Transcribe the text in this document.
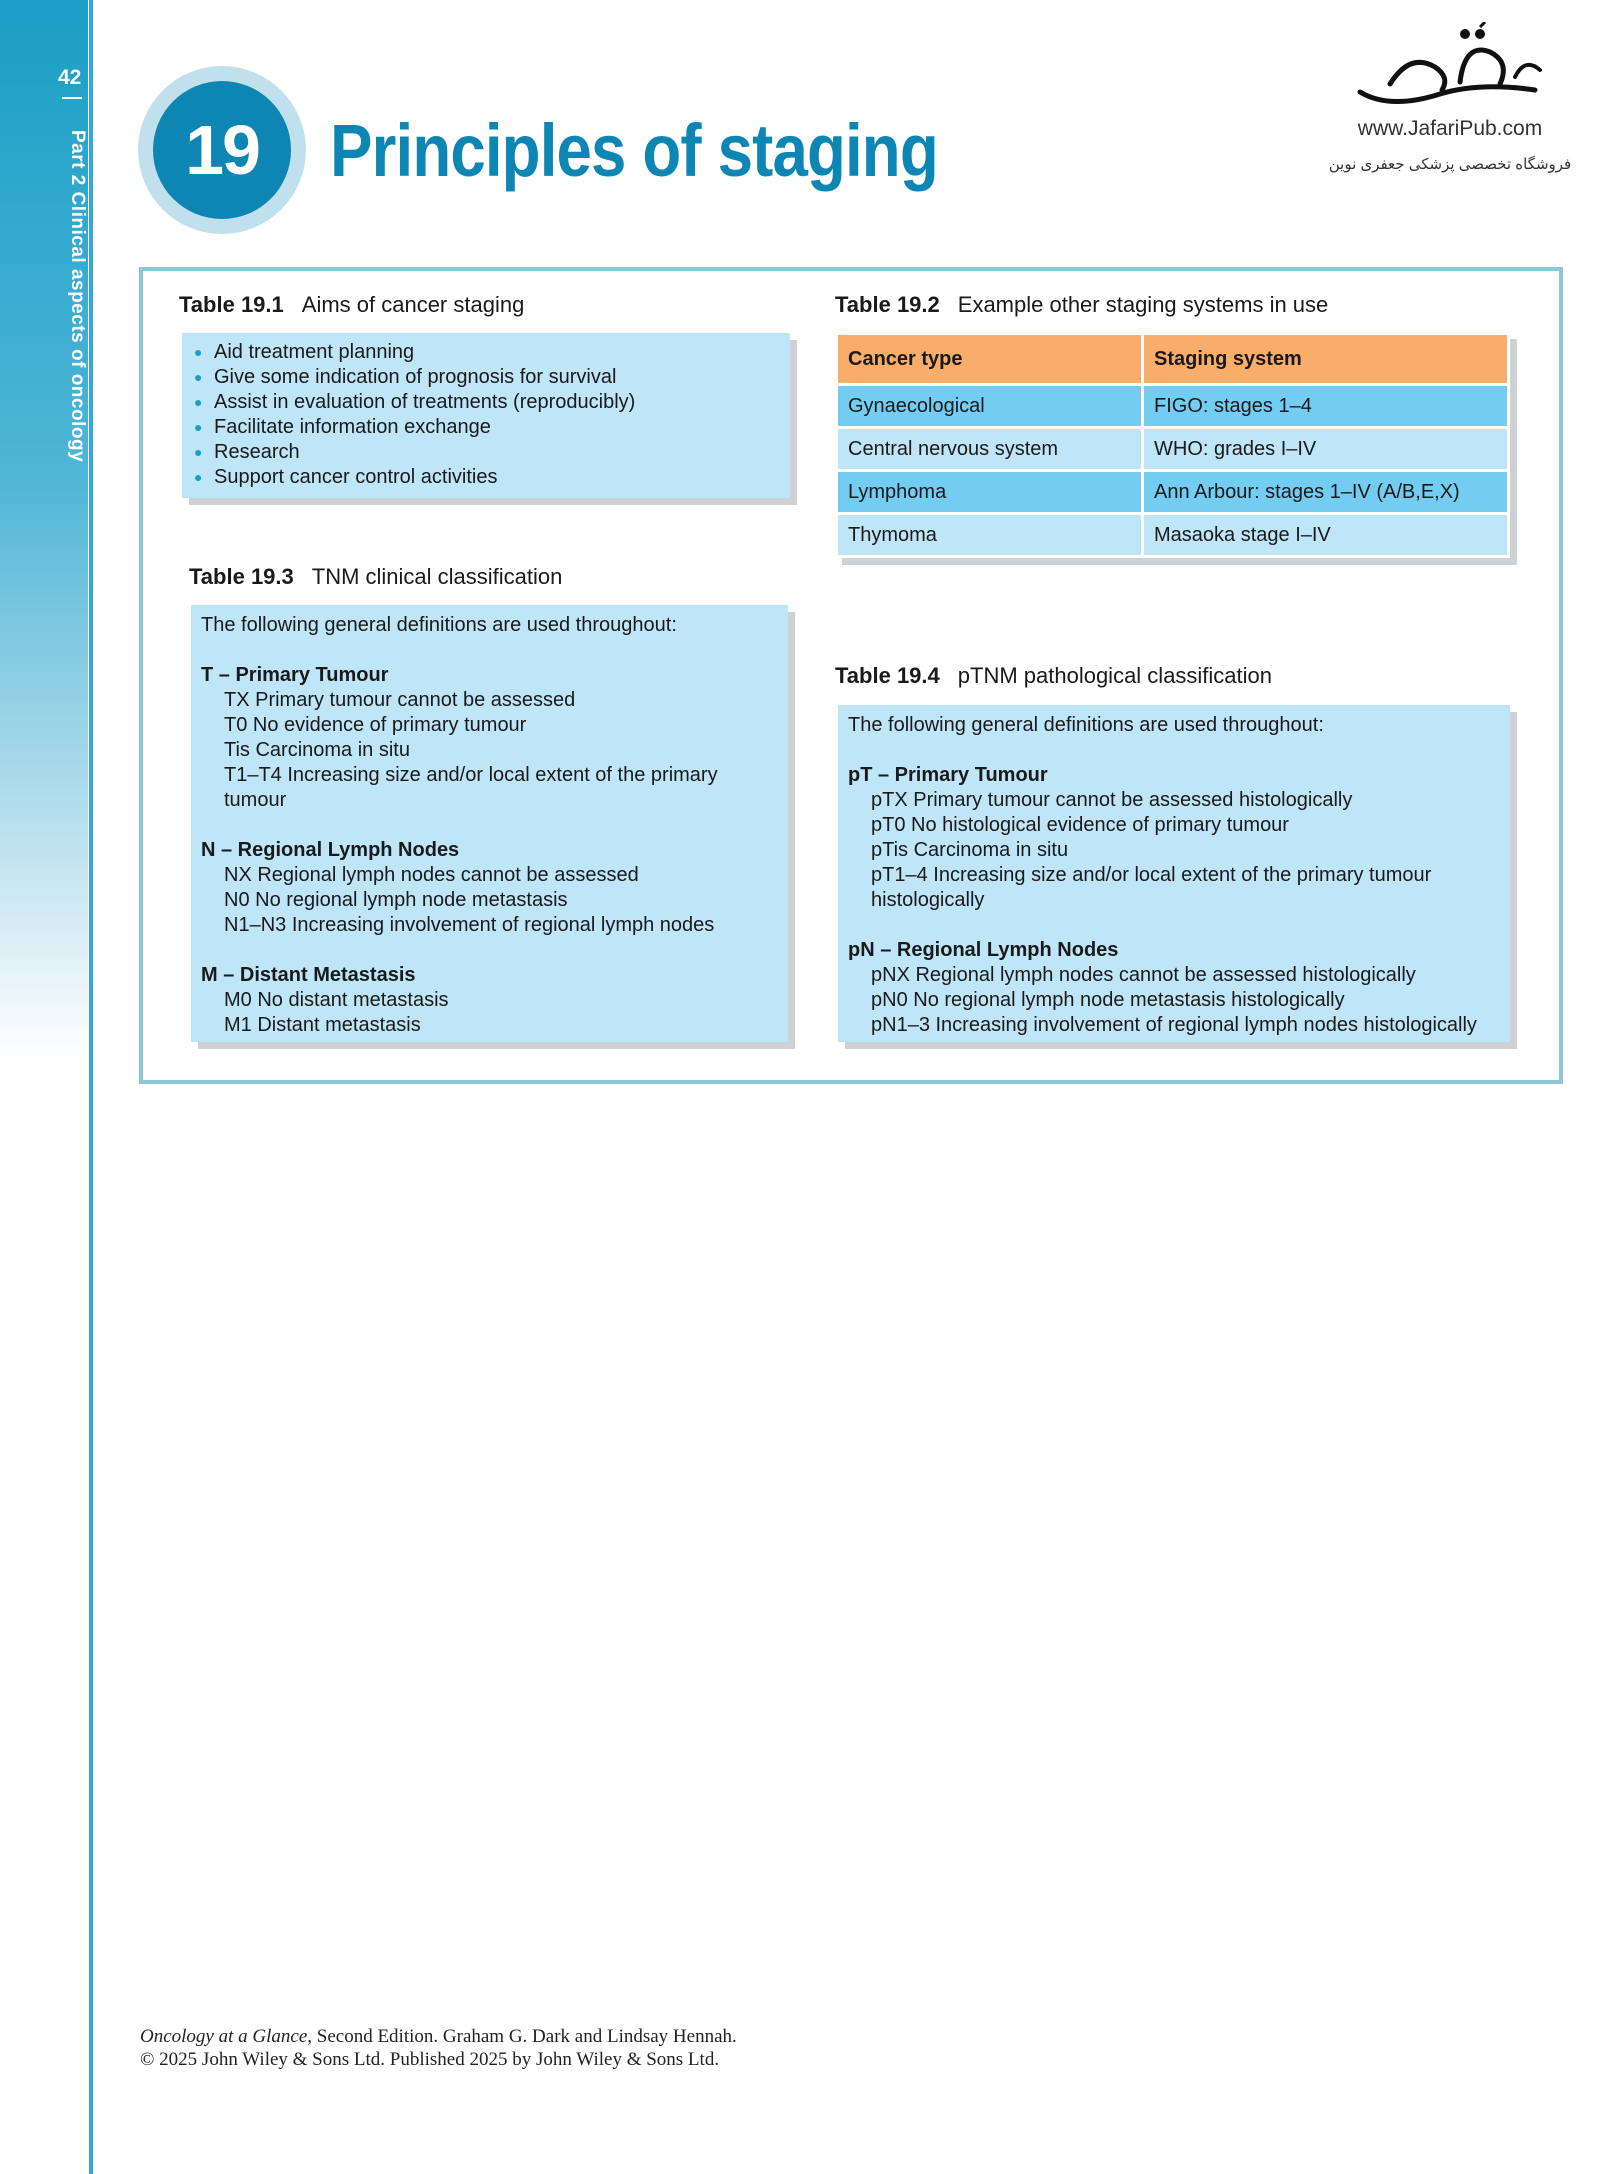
42
Part 2 Clinical aspects of oncology	19 Principles of staging	www.JafariPub.com
فروشگاه تخصصی پزشکی جعفری نوین
Table 19.1 Aims of cancer staging
● Aid treatment planning
● Give some indication of prognosis for survival
● Assist in evaluation of treatments (reproducibly)
● Facilitate information exchange
● Research
● Support cancer control activities
Table 19.2 Example other staging systems in use
Cancer type	Staging system
Gynaecological	FIGO: stages 1–4
Central nervous system	WHO: grades I–IV
Lymphoma	Ann Arbour: stages 1–IV (A/B,E,X)
Thymoma	Masaoka stage I–IV
Table 19.3 TNM clinical classification
The following general definitions are used throughout:
T – Primary Tumour
TX Primary tumour cannot be assessed
T0 No evidence of primary tumour
Tis Carcinoma in situ
T1–T4 Increasing size and/or local extent of the primary
tumour
N – Regional Lymph Nodes
NX Regional lymph nodes cannot be assessed
N0 No regional lymph node metastasis
N1–N3 Increasing involvement of regional lymph nodes
M – Distant Metastasis
M0 No distant metastasis
M1 Distant metastasis
Table 19.4 pTNM pathological classification
The following general definitions are used throughout:
pT – Primary Tumour
pTX Primary tumour cannot be assessed histologically
pT0 No histological evidence of primary tumour
pTis Carcinoma in situ
pT1–4 Increasing size and/or local extent of the primary tumour
histologically
pN – Regional Lymph Nodes
pNX Regional lymph nodes cannot be assessed histologically
pN0 No regional lymph node metastasis histologically
pN1–3 Increasing involvement of regional lymph nodes histologically
Oncology at a Glance, Second Edition. Graham G. Dark and Lindsay Hennah.
© 2025 John Wiley & Sons Ltd. Published 2025 by John Wiley & Sons Ltd.
